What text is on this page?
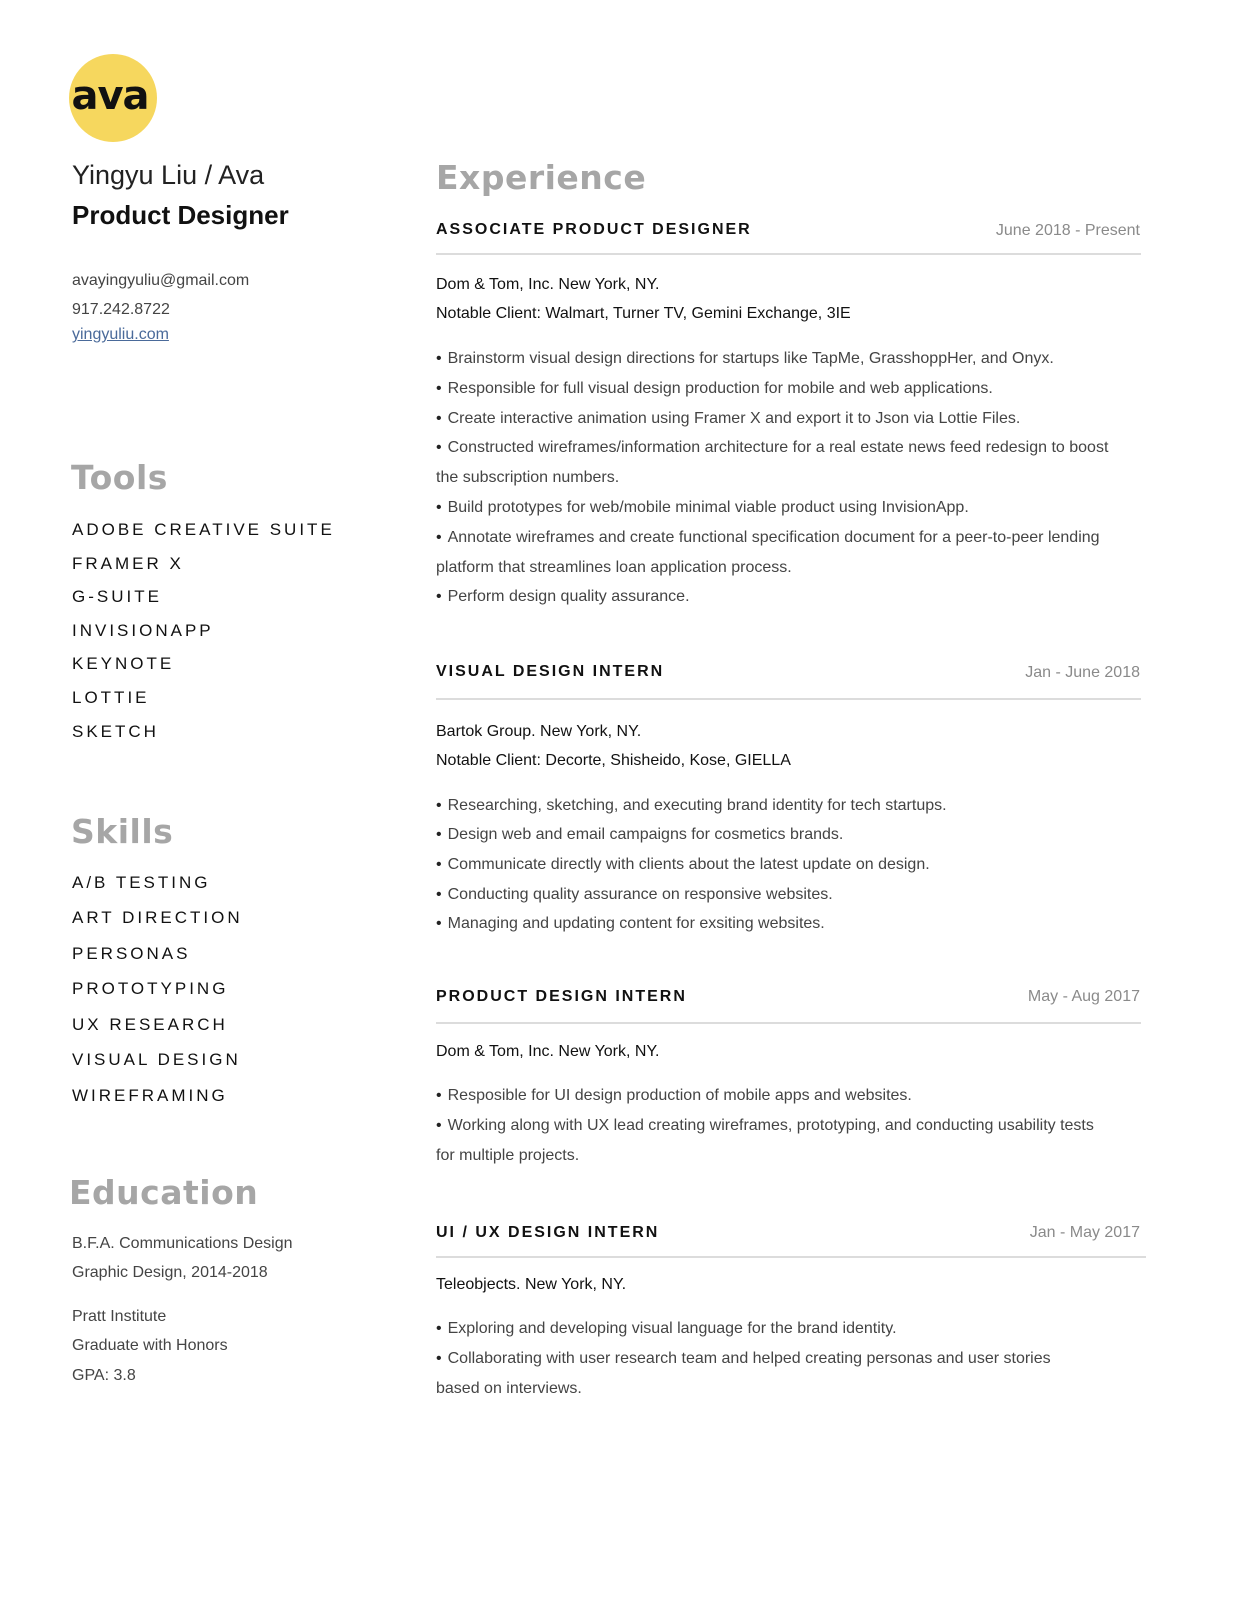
ava
Yingyu Liu / Ava
Product Designer
avayingyuliu@gmail.com
917.242.8722
yingyuliu.com
Tools
ADOBE CREATIVE SUITE
FRAMER X
G-SUITE
INVISIONAPP
KEYNOTE
LOTTIE
SKETCH
Skills
A/B TESTING
ART DIRECTION
PERSONAS
PROTOTYPING
UX RESEARCH
VISUAL DESIGN
WIREFRAMING
Education
B.F.A. Communications Design
Graphic Design, 2014-2018
Pratt Institute
Graduate with Honors
GPA: 3.8
Experience
ASSOCIATE PRODUCT DESIGNER	June 2018 - Present
Dom & Tom, Inc. New York, NY.
Notable Client: Walmart, Turner TV, Gemini Exchange, 3IE
• Brainstorm visual design directions for startups like TapMe, GrasshoppHer, and Onyx.
• Responsible for full visual design production for mobile and web applications.
• Create interactive animation using Framer X and export it to Json via Lottie Files.
• Constructed wireframes/information architecture for a real estate news feed redesign to boost the subscription numbers.
• Build prototypes for web/mobile minimal viable product using InvisionApp.
• Annotate wireframes and create functional specification document for a peer-to-peer lending platform that streamlines loan application process.
• Perform design quality assurance.
VISUAL DESIGN INTERN	Jan - June 2018
Bartok Group. New York, NY.
Notable Client: Decorte, Shisheido, Kose, GIELLA
• Researching, sketching, and executing brand identity for tech startups.
• Design web and email campaigns for cosmetics brands.
• Communicate directly with clients about the latest update on design.
• Conducting quality assurance on responsive websites.
• Managing and updating content for exsiting websites.
PRODUCT DESIGN INTERN	May - Aug 2017
Dom & Tom, Inc. New York, NY.
• Resposible for UI design production of mobile apps and websites.
• Working along with UX lead creating wireframes, prototyping, and conducting usability tests for multiple projects.
UI / UX DESIGN INTERN	Jan - May 2017
Teleobjects. New York, NY.
• Exploring and developing visual language for the brand identity.
• Collaborating with user research team and helped creating personas and user stories based on interviews.
